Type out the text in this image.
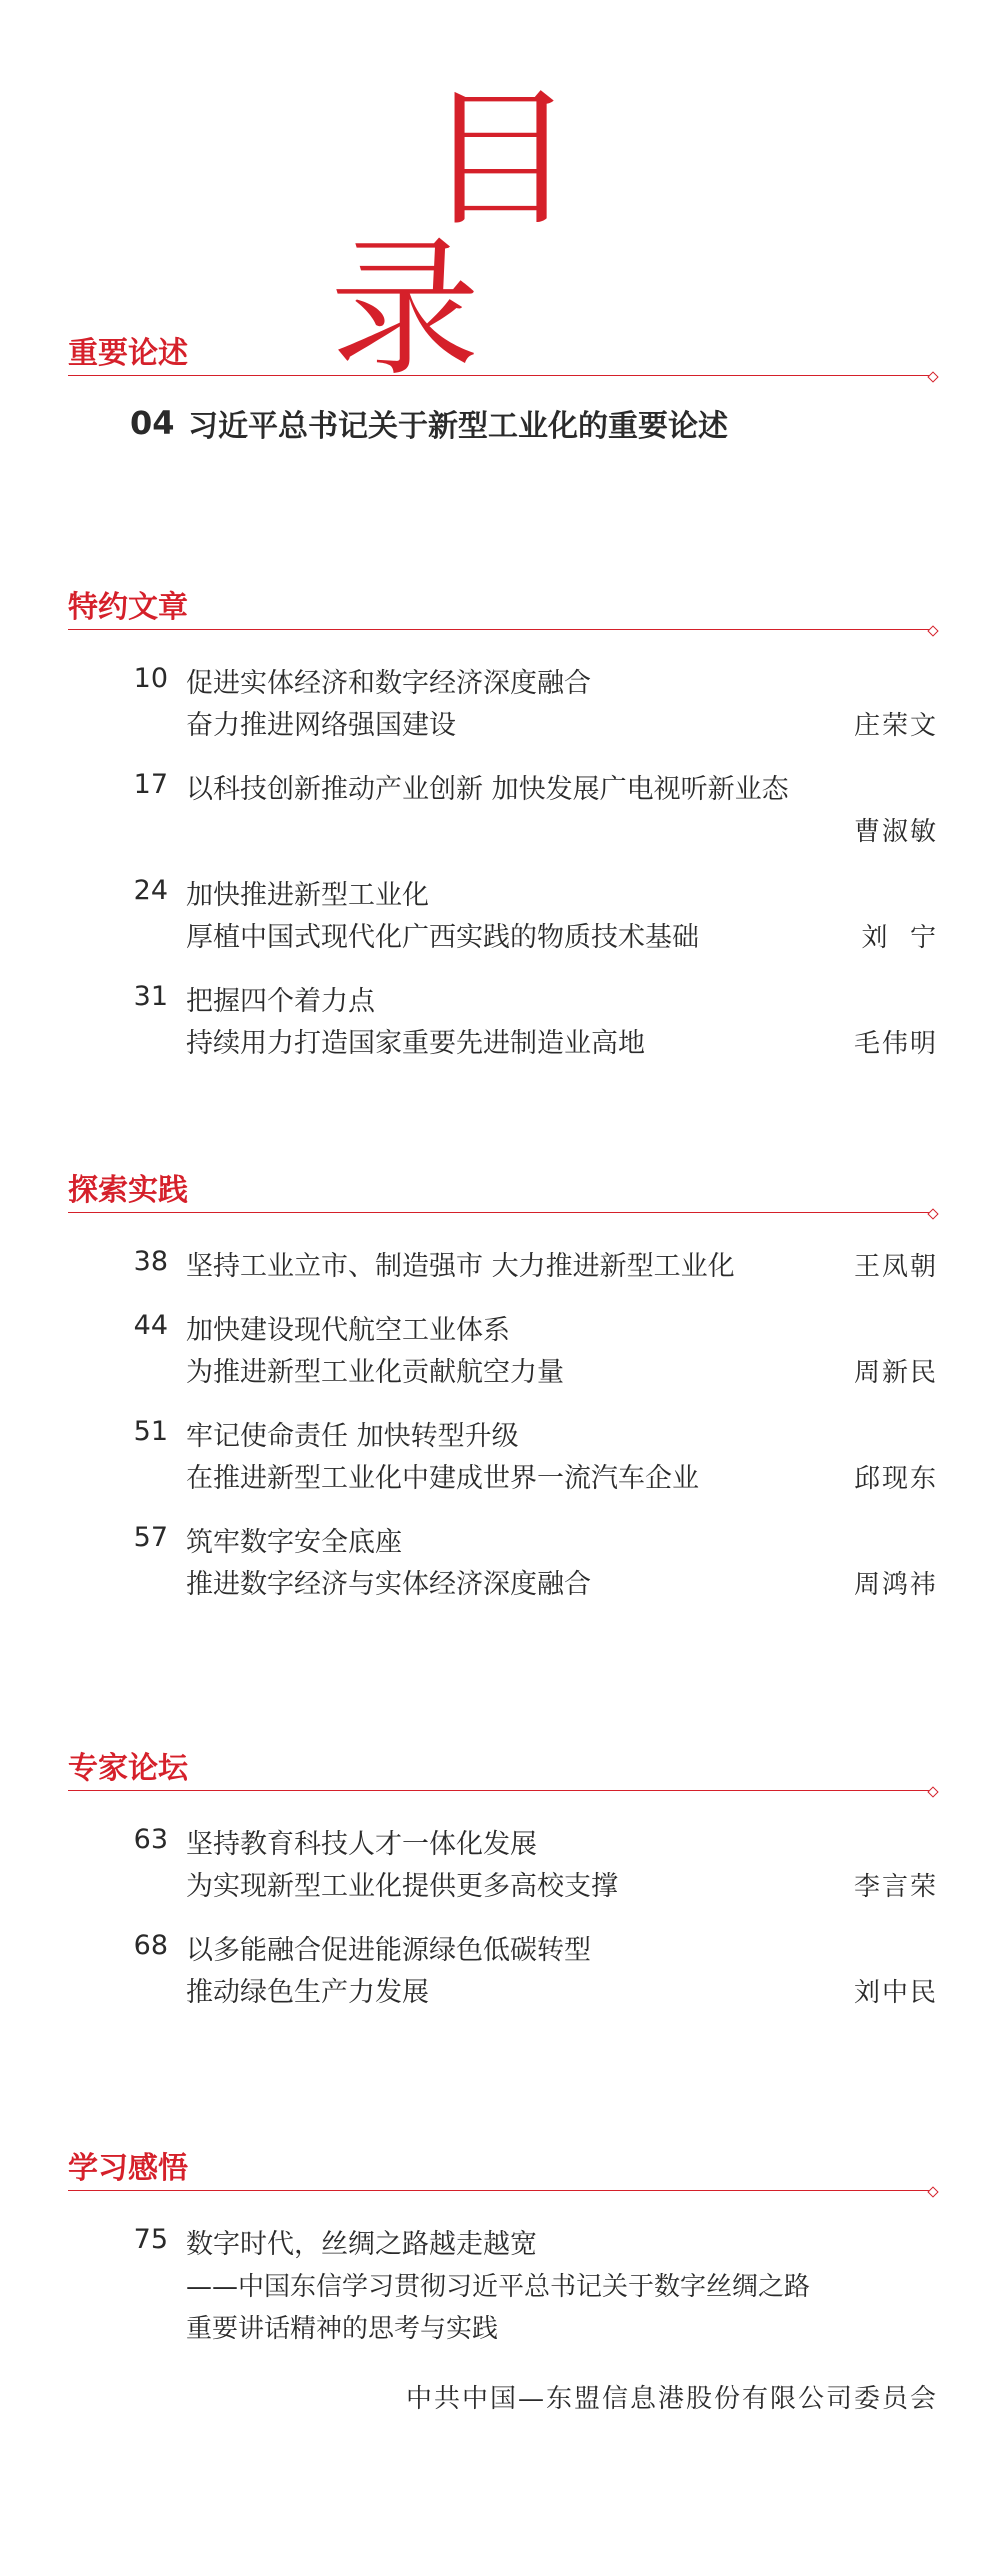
目 录
重要论述
04 习近平总书记关于新型工业化的重要论述
特约文章
10 促进实体经济和数字经济深度融合
奋力推进网络强国建设	庄荣文
17 以科技创新推动产业创新 加快发展广电视听新业态
曹淑敏
24 加快推进新型工业化
厚植中国式现代化广西实践的物质技术基础	刘  宁
31 把握四个着力点
持续用力打造国家重要先进制造业高地	毛伟明
探索实践
38 坚持工业立市、制造强市 大力推进新型工业化	王凤朝
44 加快建设现代航空工业体系
为推进新型工业化贡献航空力量	周新民
51 牢记使命责任 加快转型升级
在推进新型工业化中建成世界一流汽车企业	邱现东
57 筑牢数字安全底座
推进数字经济与实体经济深度融合	周鸿祎
专家论坛
63 坚持教育科技人才一体化发展
为实现新型工业化提供更多高校支撑	李言荣
68 以多能融合促进能源绿色低碳转型
推动绿色生产力发展	刘中民
学习感悟
75 数字时代，丝绸之路越走越宽
——中国东信学习贯彻习近平总书记关于数字丝绸之路
重要讲话精神的思考与实践
中共中国—东盟信息港股份有限公司委员会
